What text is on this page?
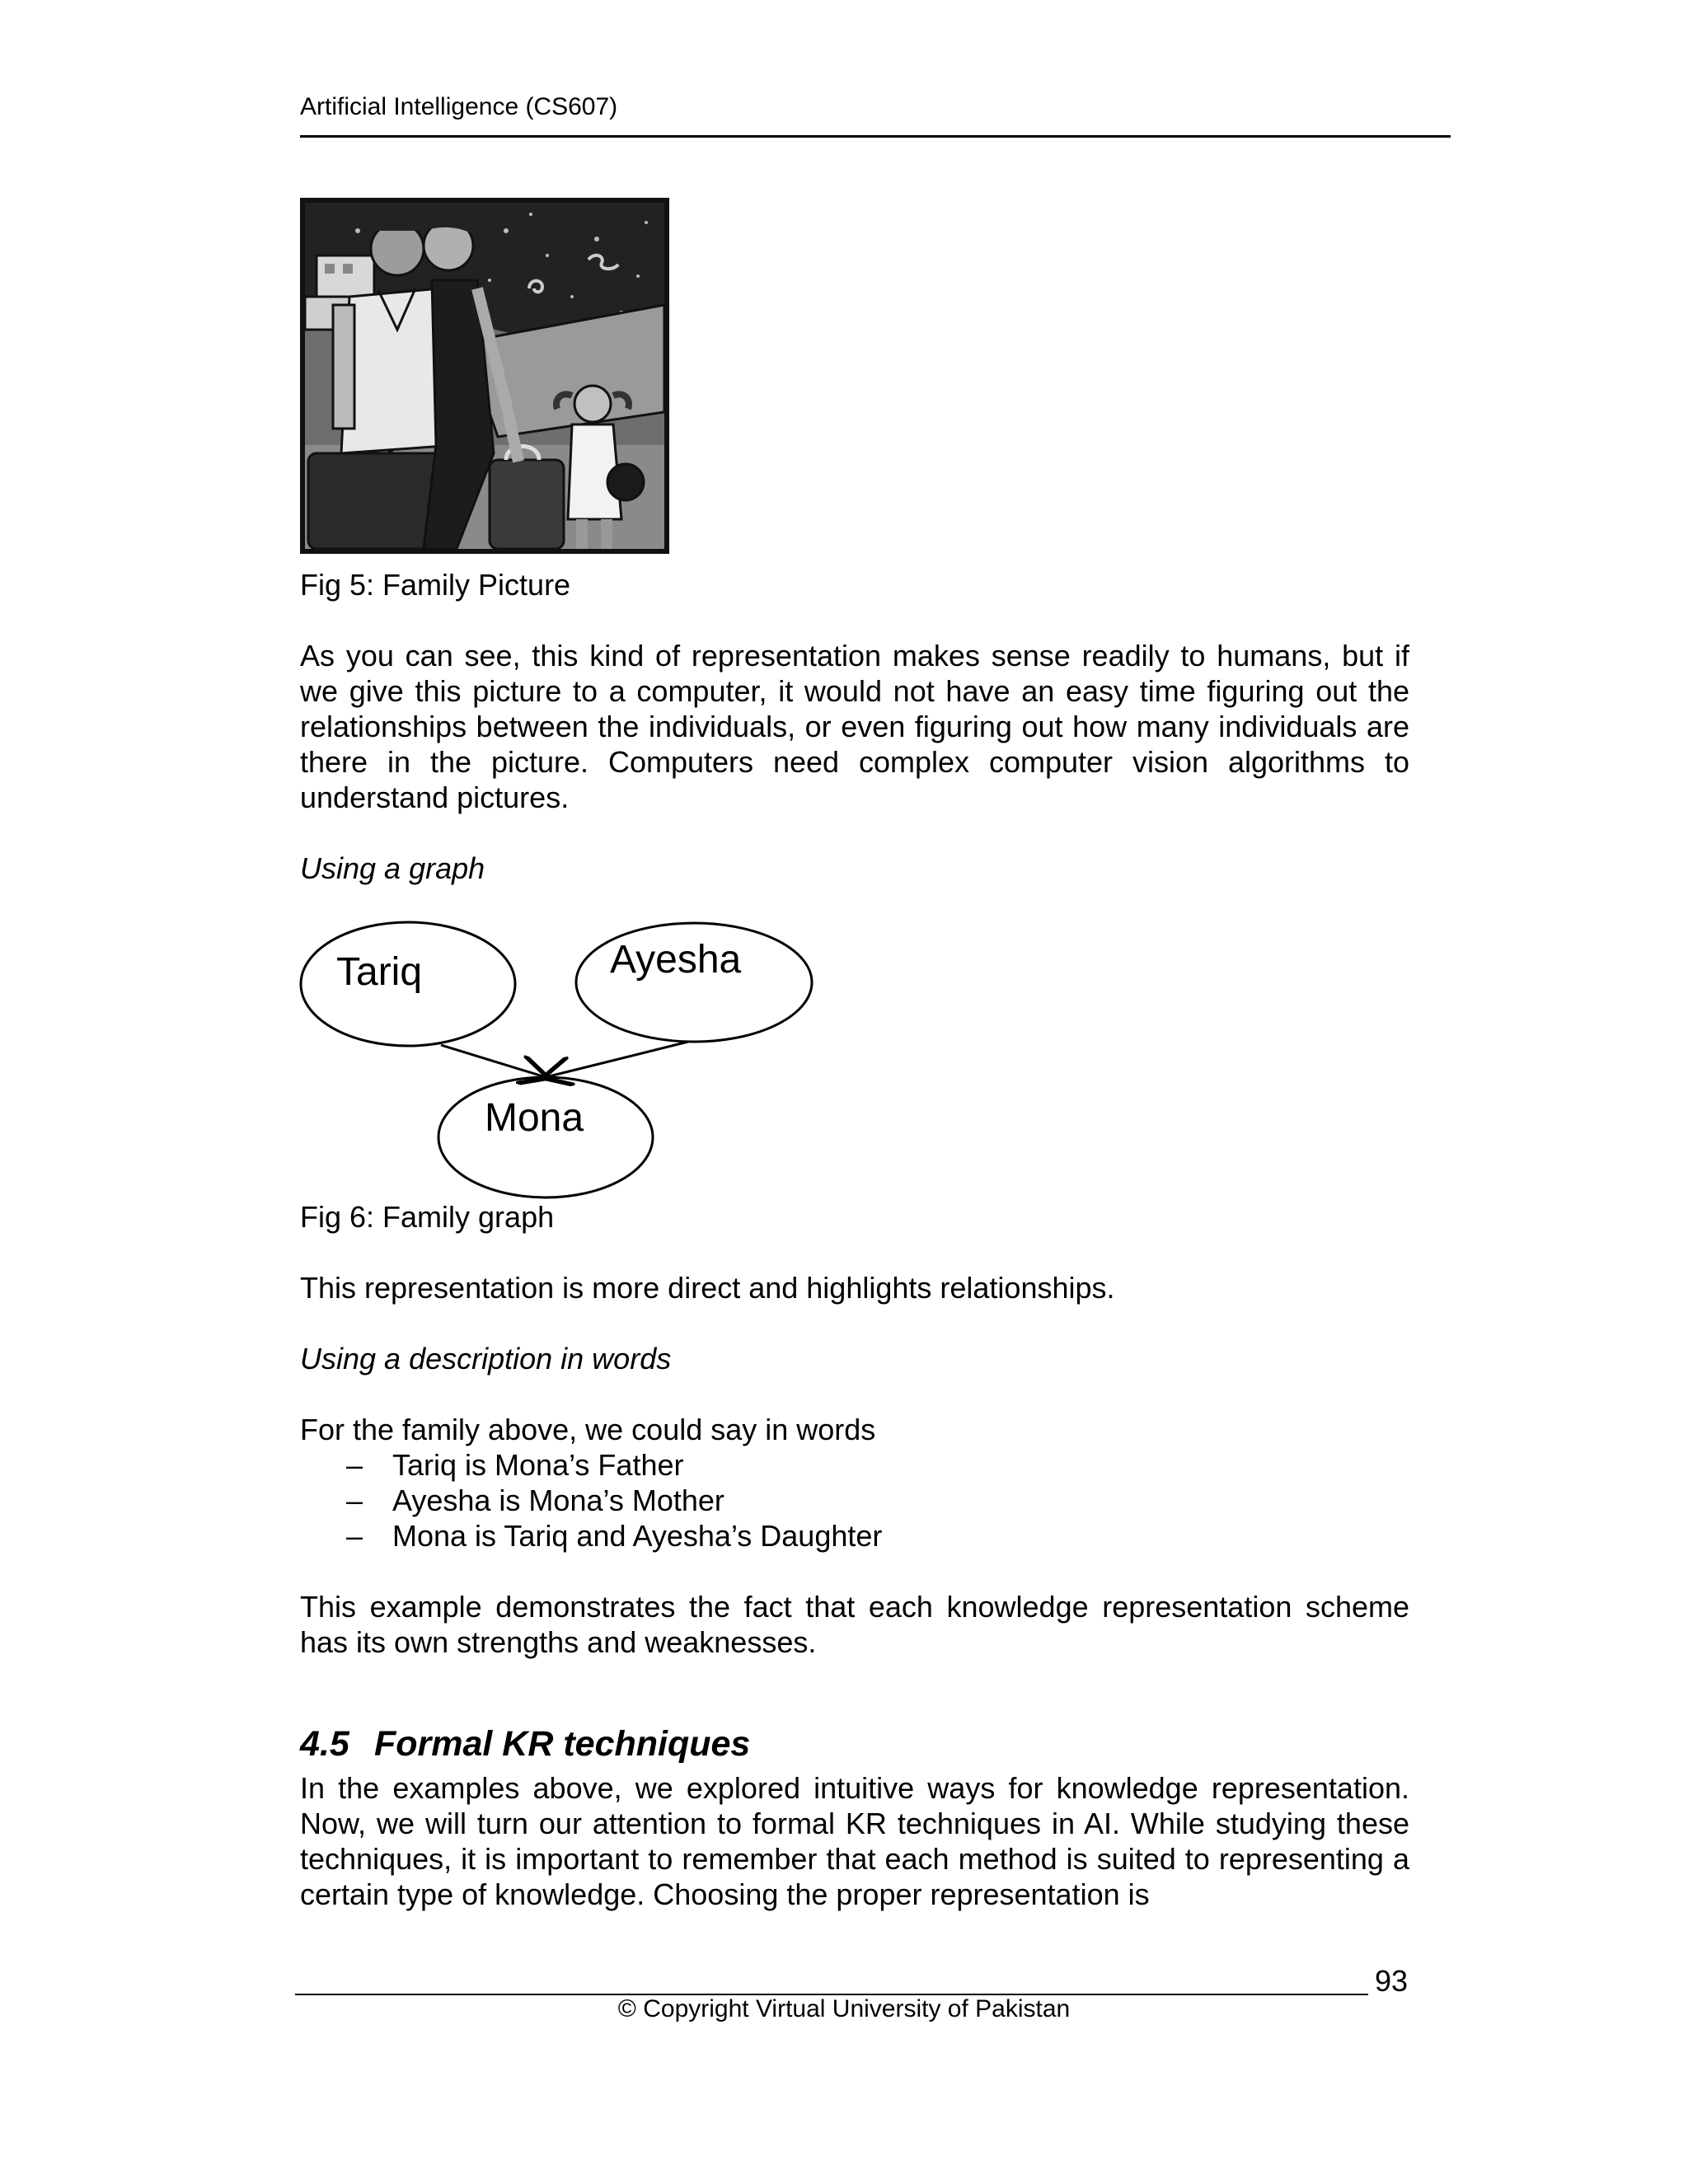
Artificial Intelligence (CS607)
Fig 5: Family Picture

As you can see, this kind of representation makes sense readily to humans, but if we give this picture to a computer, it would not have an easy time figuring out the relationships between the individuals, or even figuring out how many individuals are there in the picture. Computers need complex computer vision algorithms to understand pictures.

Using a graph
Tariq	Ayesha
Mona
Fig 6: Family graph

This representation is more direct and highlights relationships.

Using a description in words

For the family above, we could say in words

– Tariq is Mona’s Father
– Ayesha is Mona’s Mother
– Mona is Tariq and Ayesha’s Daughter

This example demonstrates the fact that each knowledge representation scheme has its own strengths and weaknesses.

4.5 Formal KR techniques

In the examples above, we explored intuitive ways for knowledge representation. Now, we will turn our attention to formal KR techniques in AI. While studying these techniques, it is important to remember that each method is suited to representing a certain type of knowledge. Choosing the proper representation is

93
© Copyright Virtual University of Pakistan
